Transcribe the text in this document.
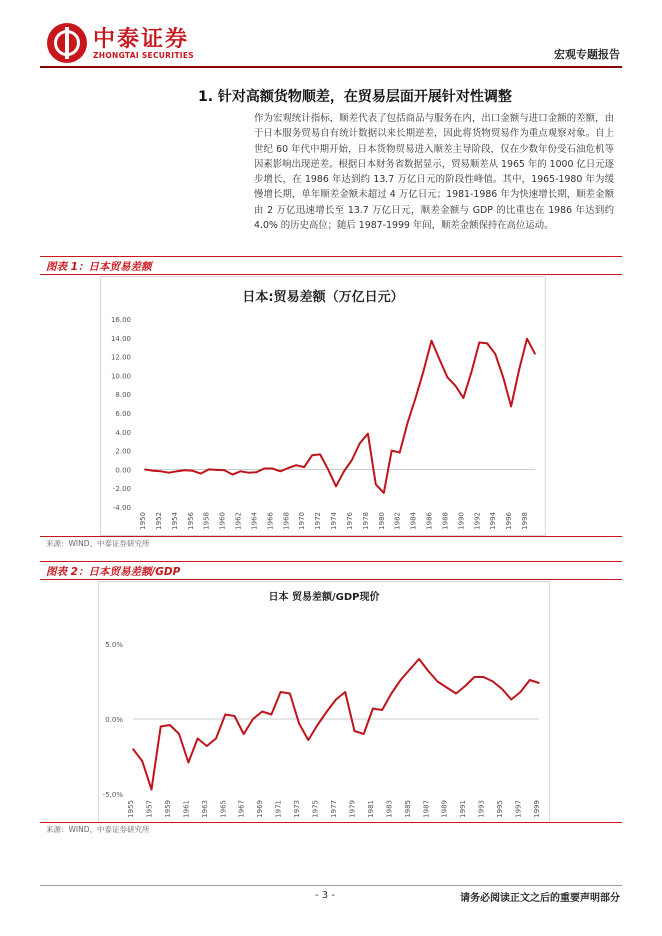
中泰证券
ZHONGTAI SECURITIES	宏观专题报告
1. 针对高额货物顺差，在贸易层面开展针对性调整
作为宏观统计指标，顺差代表了包括商品与服务在内，出口金额与进口金额的差额，由于日本服务贸易自有统计数据以来长期逆差，因此将货物贸易作为重点观察对象。自上世纪 60 年代中期开始，日本货物贸易进入顺差主导阶段，仅在少数年份受石油危机等因素影响出现逆差。根据日本财务省数据显示，贸易顺差从 1965 年的 1000 亿日元逐步增长，在 1986 年达到约 13.7 万亿日元的阶段性峰值。其中，1965-1980 年为缓慢增长期，单年顺差金额未超过 4 万亿日元；1981-1986 年为快速增长期，顺差金额由 2 万亿迅速增长至 13.7 万亿日元，顺差金额与 GDP 的比重也在 1986 年达到约 4.0% 的历史高位；随后 1987-1999 年间，顺差金额保持在高位运动。
图表 1：日本贸易差额
日本:贸易差额（万亿日元）
16.00
14.00
12.00
10.00
8.00
6.00
4.00
2.00
0.00
-2.00
-4.00
1950 1952 1954 1956 1958 1960 1962 1964 1966 1968 1970 1972 1974 1976 1978 1980 1982 1984 1986 1988 1990 1992 1994 1996 1998
来源：WIND、中泰证券研究所
图表 2：日本贸易差额/GDP
日本 贸易差额/GDP现价
5.0%
0.0%
-5.0%
1955 1957 1959 1961 1963 1965 1967 1969 1971 1973 1975 1977 1979 1981 1983 1985 1987 1989 1991 1993 1995 1997 1999
来源：WIND、中泰证券研究所
- 3 -	请务必阅读正文之后的重要声明部分
